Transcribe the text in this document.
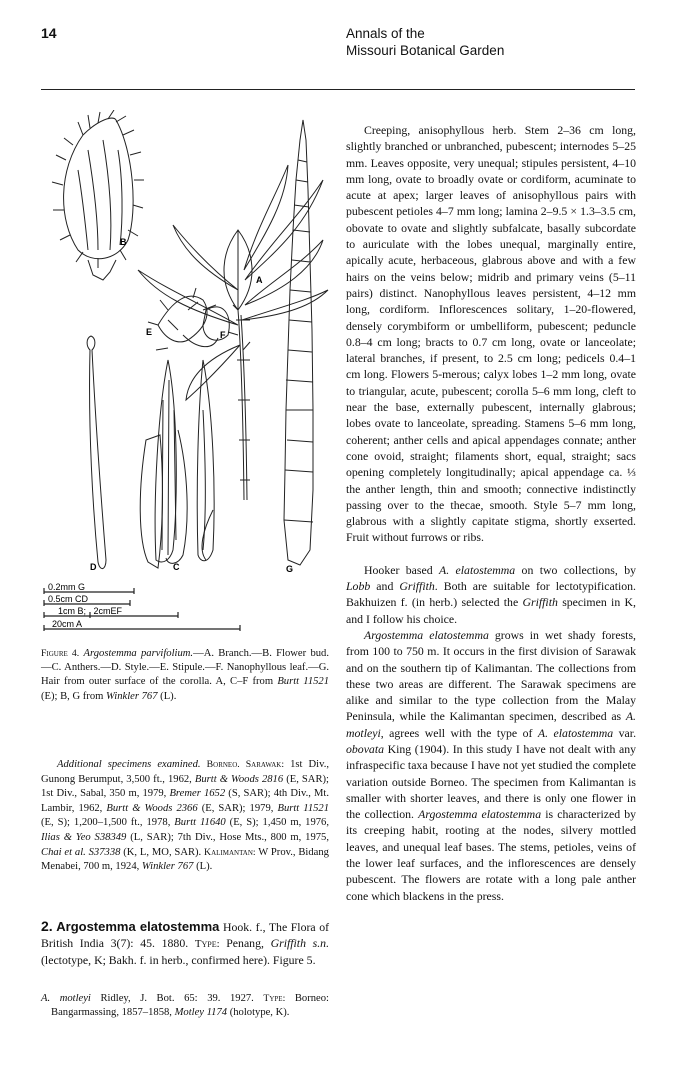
14	Annals of the
Missouri Botanical Garden
B
A
E	F
D	C	G
0.2mm G
0.5cm CD
1cm B;   2cmEF
20cm A
Figure 4. Argostemma parvifolium.—A. Branch.—B. Flower bud.—C. Anthers.—D. Style.—E. Stipule.—F. Nanophyllous leaf.—G. Hair from outer surface of the corolla. A, C–F from Burtt 11521 (E); B, G from Winkler 767 (L).
Additional specimens examined. Borneo. Sarawak: 1st Div., Gunong Berumput, 3,500 ft., 1962, Burtt & Woods 2816 (E, SAR); 1st Div., Sabal, 350 m, 1979, Bremer 1652 (S, SAR); 4th Div., Mt. Lambir, 1962, Burtt & Woods 2366 (E, SAR); 1979, Burtt 11521 (E, S); 1,200–1,500 ft., 1978, Burtt 11640 (E, S); 1,450 m, 1976, Ilias & Yeo S38349 (L, SAR); 7th Div., Hose Mts., 800 m, 1975, Chai et al. S37338 (K, L, MO, SAR). Kalimantan: W Prov., Bidang Menabei, 700 m, 1924, Winkler 767 (L).
2. Argostemma elatostemma Hook. f., The Flora of British India 3(7): 45. 1880. Type: Penang, Griffith s.n. (lectotype, K; Bakh. f. in herb., confirmed here). Figure 5.
A. motleyi Ridley, J. Bot. 65: 39. 1927. Type: Borneo: Bangarmassing, 1857–1858, Motley 1174 (holotype, K).

Creeping, anisophyllous herb. Stem 2–36 cm long, slightly branched or unbranched, pubescent; internodes 5–25 mm. Leaves opposite, very unequal; stipules persistent, 4–10 mm long, ovate to broadly ovate or cordiform, acuminate to acute at apex; larger leaves of anisophyllous pairs with pubescent petioles 4–7 mm long; lamina 2–9.5 × 1.3–3.5 cm, obovate to ovate and slightly subfalcate, basally subcordate to auriculate with the lobes unequal, marginally entire, apically acute, herbaceous, glabrous above and with a few hairs on the veins below; midrib and primary veins (5–11 pairs) distinct. Nanophyllous leaves persistent, 4–12 mm long, cordiform. Inflorescences solitary, 1–20-flowered, densely corymbiform or umbelliform, pubescent; peduncle 0.8–4 cm long; bracts to 0.7 cm long, ovate or lanceolate; lateral branches, if present, to 2.5 cm long; pedicels 0.4–1 cm long. Flowers 5-merous; calyx lobes 1–2 mm long, ovate to triangular, acute, pubescent; corolla 5–6 mm long, cleft to near the base, externally pubescent, internally glabrous; lobes ovate to lanceolate, spreading. Stamens 5–6 mm long, coherent; anther cells and apical appendages connate; anther cone ovoid, straight; filaments short, equal, straight; sacs opening completely longitudinally; apical appendage ca. ⅓ the anther length, thin and smooth; connective indistinctly passing over to the thecae, smooth. Style 5–7 mm long, glabrous with a slightly capitate stigma, shortly exserted. Fruit without furrows or ribs.

Hooker based A. elatostemma on two collections, by Lobb and Griffith. Both are suitable for lectotypification. Bakhuizen f. (in herb.) selected the Griffith specimen in K, and I follow his choice.

Argostemma elatostemma grows in wet shady forests, from 100 to 750 m. It occurs in the first division of Sarawak and on the southern tip of Kalimantan. The collections from these two areas are different. The Sarawak specimens are alike and similar to the type collection from the Malay Peninsula, while the Kalimantan specimen, described as A. motleyi, agrees well with the type of A. elatostemma var. obovata King (1904). In this study I have not dealt with any infraspecific taxa because I have not yet studied the complete variation outside Borneo. The specimen from Kalimantan is smaller with shorter leaves, and there is only one flower in the collection. Argostemma elatostemma is characterized by its creeping habit, rooting at the nodes, silvery mottled leaves, and unequal leaf bases. The stems, petioles, veins of the lower leaf surfaces, and the inflorescences are densely pubescent. The flowers are rotate with a long pale anther cone which blackens in the press.
